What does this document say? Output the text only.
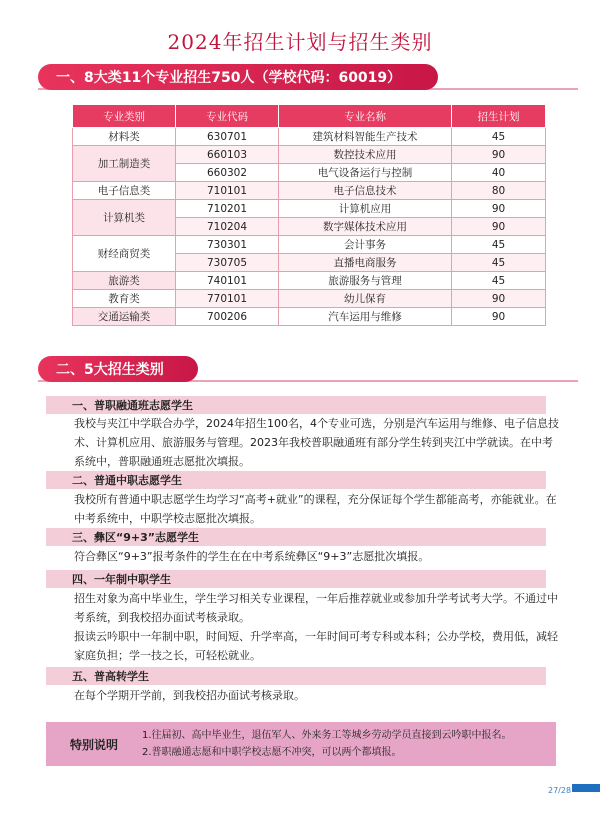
2024年招生计划与招生类别
一、8大类11个专业招生750人（学校代码：60019）
专业类别	专业代码	专业名称	招生计划
材料类	630701	建筑材料智能生产技术	45
加工制造类	660103	数控技术应用	90
	660302	电气设备运行与控制	40
电子信息类	710101	电子信息技术	80
计算机类	710201	计算机应用	90
	710204	数字媒体技术应用	90
财经商贸类	730301	会计事务	45
	730705	直播电商服务	45
旅游类	740101	旅游服务与管理	45
教育类	770101	幼儿保育	90
交通运输类	700206	汽车运用与维修	90
二、5大招生类别
一、普职融通班志愿学生
我校与夹江中学联合办学，2024年招生100名，4个专业可选，分别是汽车运用与维修、电子信息技术、计算机应用、旅游服务与管理。2023年我校普职融通班有部分学生转到夹江中学就读。在中考系统中，普职融通班志愿批次填报。
二、普通中职志愿学生
我校所有普通中职志愿学生均学习“高考+就业”的课程，充分保证每个学生都能高考，亦能就业。在中考系统中，中职学校志愿批次填报。
三、彝区“9+3”志愿学生
符合彝区“9+3”报考条件的学生在在中考系统彝区“9+3”志愿批次填报。
四、一年制中职学生
招生对象为高中毕业生，学生学习相关专业课程，一年后推荐就业或参加升学考试考大学。不通过中考系统，到我校招办面试考核录取。
报读云吟职中一年制中职，时间短、升学率高，一年时间可考专科或本科；公办学校，费用低，减轻家庭负担；学一技之长，可轻松就业。
五、普高转学生
在每个学期开学前，到我校招办面试考核录取。
特别说明
1.往届初、高中毕业生，退伍军人、外来务工等城乡劳动学员直接到云吟职中报名。
2.普职融通志愿和中职学校志愿不冲突，可以两个都填报。
27/28
